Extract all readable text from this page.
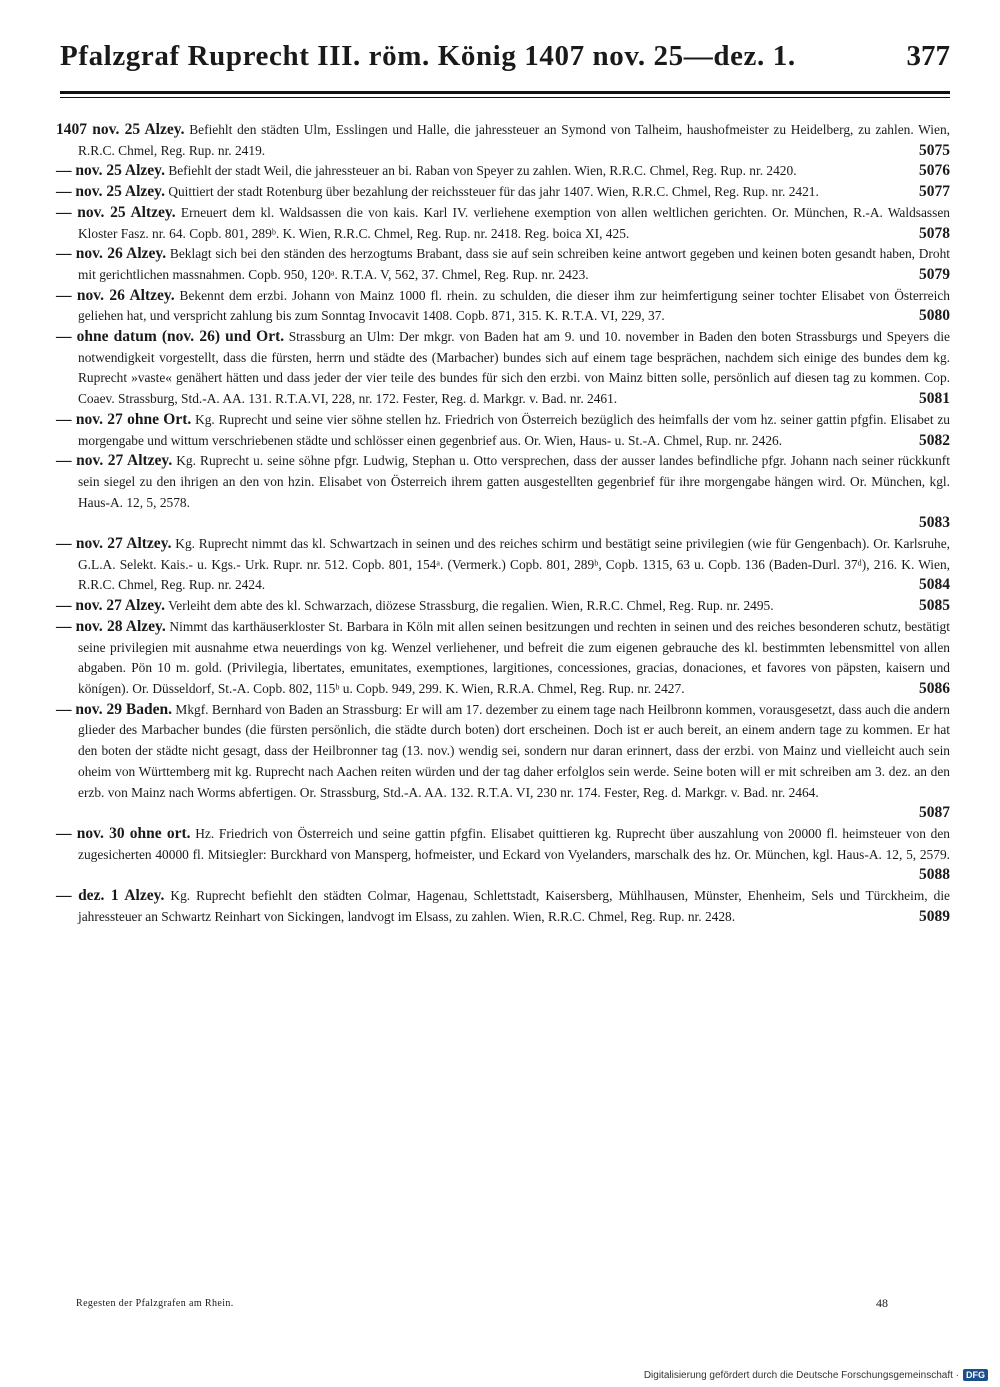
Pfalzgraf Ruprecht III. röm. König 1407 nov. 25—dez. 1.	377

1407 nov. 25 Alzey. Befiehlt den städten Ulm, Esslingen und Halle, die jahressteuer an Symond von Talheim, haushofmeister zu Heidelberg, zu zahlen. Wien, R.R.C. Chmel, Reg. Rup. nr. 2419.	5075

— nov. 25 Alzey. Befiehlt der stadt Weil, die jahressteuer an bi. Raban von Speyer zu zahlen. Wien, R.R.C. Chmel, Reg. Rup. nr. 2420.	5076

— nov. 25 Alzey. Quittiert der stadt Rotenburg über bezahlung der reichssteuer für das jahr 1407. Wien, R.R.C. Chmel, Reg. Rup. nr. 2421.	5077

— nov. 25 Altzey. Erneuert dem kl. Waldsassen die von kais. Karl IV. verliehene exemption von allen weltlichen gerichten. Or. München, R.-A. Waldsassen Kloster Fasz. nr. 64. Copb. 801, 289ᵇ. K. Wien, R.R.C. Chmel, Reg. Rup. nr. 2418. Reg. boica XI, 425.	5078

— nov. 26 Alzey. Beklagt sich bei den ständen des herzogtums Brabant, dass sie auf sein schreiben keine antwort gegeben und keinen boten gesandt haben, Droht mit gerichtlichen massnahmen. Copb. 950, 120ᵃ. R.T.A. V, 562, 37. Chmel, Reg. Rup. nr. 2423.	5079

— nov. 26 Altzey. Bekennt dem erzbi. Johann von Mainz 1000 fl. rhein. zu schulden, die dieser ihm zur heimfertigung seiner tochter Elisabet von Österreich geliehen hat, und verspricht zahlung bis zum Sonntag Invocavit 1408. Copb. 871, 315. K. R.T.A. VI, 229, 37.	5080

— ohne datum (nov. 26) und Ort. Strassburg an Ulm: Der mkgr. von Baden hat am 9. und 10. november in Baden den boten Strassburgs und Speyers die notwendigkeit vorgestellt, dass die fürsten, herrn und städte des (Marbacher) bundes sich auf einem tage besprächen, nachdem sich einige des bundes dem kg. Ruprecht »vaste« genähert hätten und dass jeder der vier teile des bundes für sich den erzbi. von Mainz bitten solle, persönlich auf diesen tag zu kommen. Cop. Coaev. Strassburg, Std.-A. AA. 131. R.T.A.VI, 228, nr. 172. Fester, Reg. d. Markgr. v. Bad. nr. 2461.	5081

— nov. 27 ohne Ort. Kg. Ruprecht und seine vier söhne stellen hz. Friedrich von Österreich bezüglich des heimfalls der vom hz. seiner gattin pfgfin. Elisabet zu morgengabe und wittum verschriebenen städte und schlösser einen gegenbrief aus. Or. Wien, Haus- u. St.-A. Chmel, Rup. nr. 2426.	5082

— nov. 27 Altzey. Kg. Ruprecht u. seine söhne pfgr. Ludwig, Stephan u. Otto versprechen, dass der ausser landes befindliche pfgr. Johann nach seiner rückkunft sein siegel zu den ihrigen an den von hzin. Elisabet von Österreich ihrem gatten ausgestellten gegenbrief für ihre morgengabe hängen wird. Or. München, kgl. Haus-A. 12, 5, 2578.
5083

— nov. 27 Altzey. Kg. Ruprecht nimmt das kl. Schwartzach in seinen und des reiches schirm und bestätigt seine privilegien (wie für Gengenbach). Or. Karlsruhe, G.L.A. Selekt. Kais.- u. Kgs.- Urk. Rupr. nr. 512. Copb. 801, 154ᵃ. (Vermerk.) Copb. 801, 289ᵇ, Copb. 1315, 63 u. Copb. 136 (Baden-Durl. 37ᵈ), 216. K. Wien, R.R.C. Chmel, Reg. Rup. nr. 2424.	5084

— nov. 27 Alzey. Verleiht dem abte des kl. Schwarzach, diözese Strassburg, die regalien. Wien, R.R.C. Chmel, Reg. Rup. nr. 2495.	5085

— nov. 28 Alzey. Nimmt das karthäuserkloster St. Barbara in Köln mit allen seinen besitzungen und rechten in seinen und des reiches besonderen schutz, bestätigt seine privilegien mit ausnahme etwa neuerdings von kg. Wenzel verliehener, und befreit die zum eigenen gebrauche des kl. bestimmten lebensmittel von allen abgaben. Pön 10 m. gold. (Privilegia, libertates, emunitates, exemptiones, largitiones, concessiones, gracias, donaciones, et favores von päpsten, kaisern und könígen). Or. Düsseldorf, St.-A. Copb. 802, 115ᵇ u. Copb. 949, 299. K. Wien, R.R.A. Chmel, Reg. Rup. nr. 2427.	5086

— nov. 29 Baden. Mkgf. Bernhard von Baden an Strassburg: Er will am 17. dezember zu einem tage nach Heilbronn kommen, vorausgesetzt, dass auch die andern glieder des Marbacher bundes (die fürsten persönlich, die städte durch boten) dort erscheinen. Doch ist er auch bereit, an einem andern tage zu kommen. Er hat den boten der städte nicht gesagt, dass der Heilbronner tag (13. nov.) wendig sei, sondern nur daran erinnert, dass der erzbi. von Mainz und vielleicht auch sein oheim von Württemberg mit kg. Ruprecht nach Aachen reiten würden und der tag daher erfolglos sein werde. Seine boten will er mit schreiben am 3. dez. an den erzb. von Mainz nach Worms abfertigen. Or. Strassburg, Std.-A. AA. 132. R.T.A. VI, 230 nr. 174. Fester, Reg. d. Markgr. v. Bad. nr. 2464.
5087

— nov. 30 ohne ort. Hz. Friedrich von Österreich und seine gattin pfgfin. Elisabet quittieren kg. Ruprecht über auszahlung von 20000 fl. heimsteuer von den zugesicherten 40000 fl. Mitsiegler: Burckhard von Mansperg, hofmeister, und Eckard von Vyelanders, marschalk des hz. Or. München, kgl. Haus-A. 12, 5, 2579.
5088

— dez. 1 Alzey. Kg. Ruprecht befiehlt den städten Colmar, Hagenau, Schlettstadt, Kaisersberg, Mühlhausen, Münster, Ehenheim, Sels und Türckheim, die jahressteuer an Schwartz Reinhart von Sickingen, landvogt im Elsass, zu zahlen. Wien, R.R.C. Chmel, Reg. Rup. nr. 2428.	5089

Regesten der Pfalzgrafen am Rhein.	48
Digitalisierung gefördert durch die Deutsche Forschungsgemeinschaft · DFG
